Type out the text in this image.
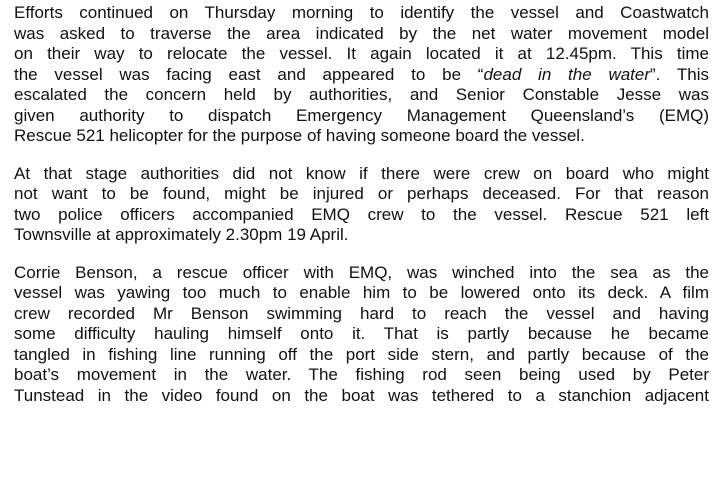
Efforts continued on Thursday morning to identify the vessel and Coastwatch
was asked to traverse the area indicated by the net water movement model
on their way to relocate the vessel. It again located it at 12.45pm. This time
the vessel was facing east and appeared to be “dead in the water”. This
escalated the concern held by authorities, and Senior Constable Jesse was
given authority to dispatch Emergency Management Queensland’s (EMQ)
Rescue 521 helicopter for the purpose of having someone board the vessel.
At that stage authorities did not know if there were crew on board who might
not want to be found, might be injured or perhaps deceased. For that reason
two police officers accompanied EMQ crew to the vessel. Rescue 521 left
Townsville at approximately 2.30pm 19 April.
Corrie Benson, a rescue officer with EMQ, was winched into the sea as the
vessel was yawing too much to enable him to be lowered onto its deck. A film
crew recorded Mr Benson swimming hard to reach the vessel and having
some difficulty hauling himself onto it. That is partly because he became
tangled in fishing line running off the port side stern, and partly because of the
boat’s movement in the water. The fishing rod seen being used by Peter
Tunstead in the video found on the boat was tethered to a stanchion adjacent
